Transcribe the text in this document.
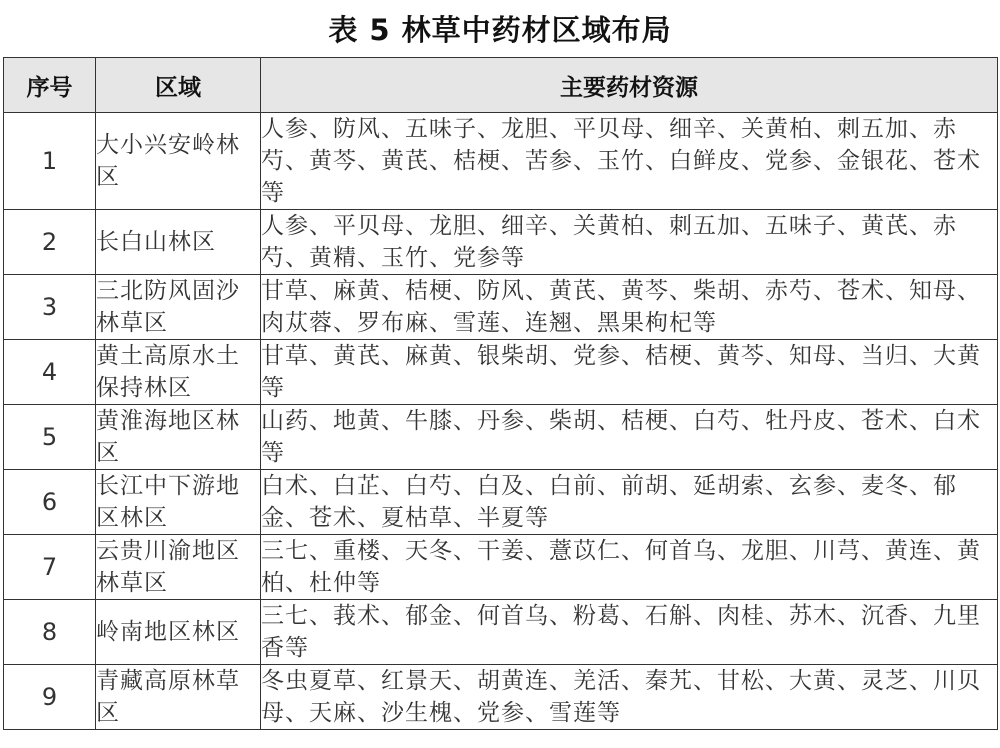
表 5 林草中药材区域布局
序号	区域	主要药材资源
1	大小兴安岭林区	人参、防风、五味子、龙胆、平贝母、细辛、关黄柏、刺五加、赤芍、黄芩、黄芪、桔梗、苦参、玉竹、白鲜皮、党参、金银花、苍术等
2	长白山林区	人参、平贝母、龙胆、细辛、关黄柏、刺五加、五味子、黄芪、赤芍、黄精、玉竹、党参等
3	三北防风固沙林草区	甘草、麻黄、桔梗、防风、黄芪、黄芩、柴胡、赤芍、苍术、知母、肉苁蓉、罗布麻、雪莲、连翘、黑果枸杞等
4	黄土高原水土保持林区	甘草、黄芪、麻黄、银柴胡、党参、桔梗、黄芩、知母、当归、大黄等
5	黄淮海地区林区	山药、地黄、牛膝、丹参、柴胡、桔梗、白芍、牡丹皮、苍术、白术等
6	长江中下游地区林区	白术、白芷、白芍、白及、白前、前胡、延胡索、玄参、麦冬、郁金、苍术、夏枯草、半夏等
7	云贵川渝地区林草区	三七、重楼、天冬、干姜、薏苡仁、何首乌、龙胆、川芎、黄连、黄柏、杜仲等
8	岭南地区林区	三七、莪术、郁金、何首乌、粉葛、石斛、肉桂、苏木、沉香、九里香等
9	青藏高原林草区	冬虫夏草、红景天、胡黄连、羌活、秦艽、甘松、大黄、灵芝、川贝母、天麻、沙生槐、党参、雪莲等
